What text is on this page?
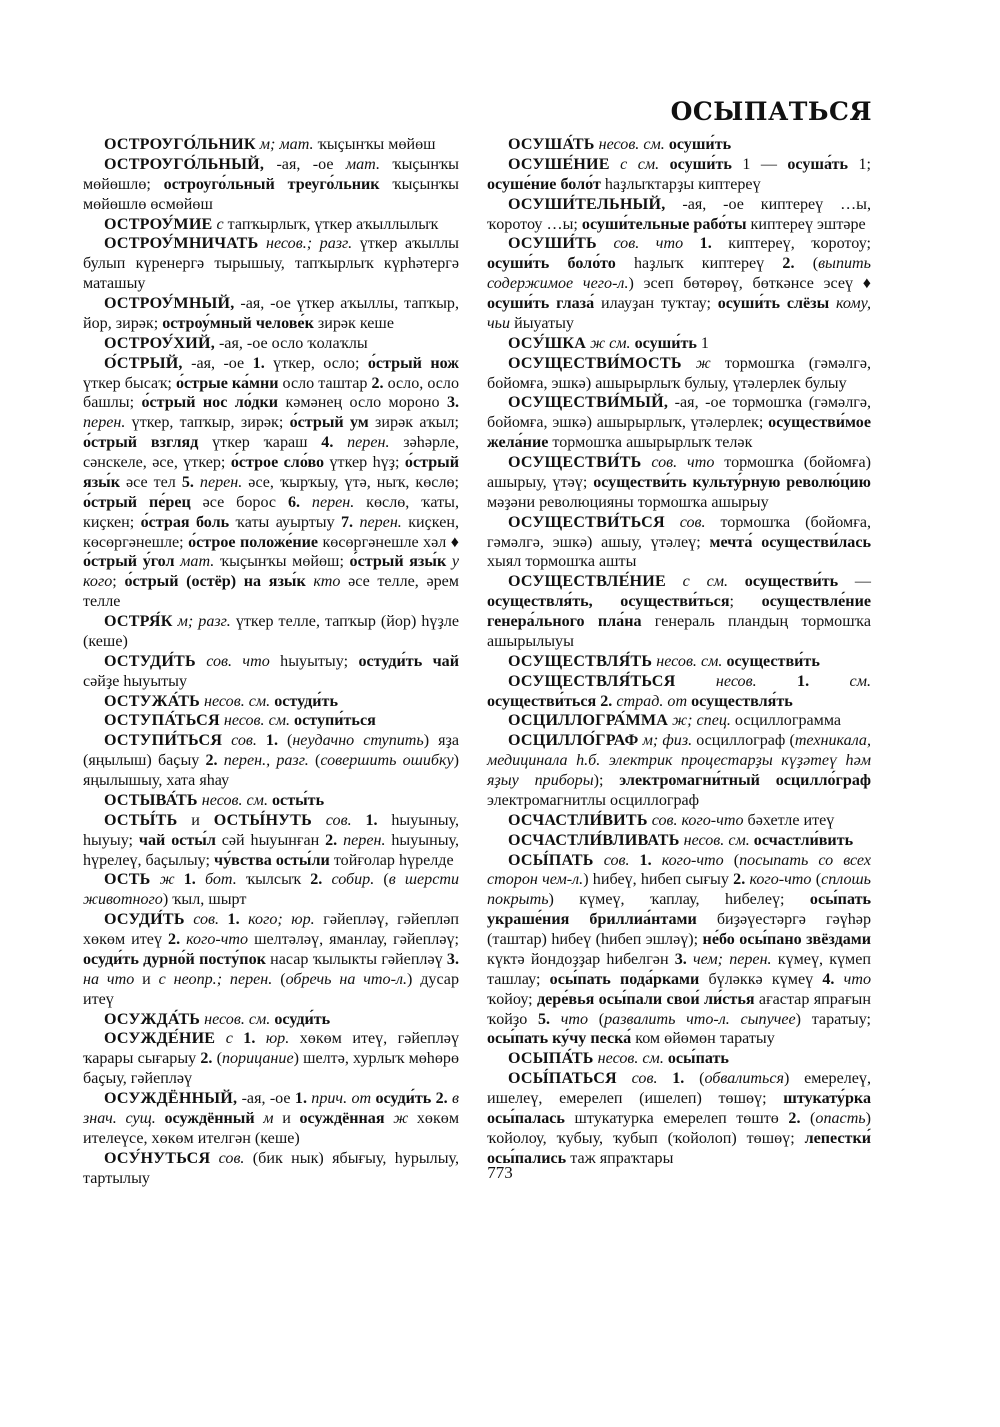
ОСЫПАТЬСЯ

ОСТРОУГО́ЛЬНИК м; мат. ҡыҫынҡы мөйөш

ОСТРОУГО́ЛЬНЫЙ, -ая, -ое мат. ҡыҫынҡы мөйөшлө; остроуго́льный треуго́льник ҡыҫынҡы мөйөшлө өсмөйөш

ОСТРОУ́МИЕ с тапҡырлыҡ, үткер аҡыллылыҡ

ОСТРОУ́МНИЧАТЬ несов.; разг. үткер аҡыллы булып күренергә тырышыу, тапҡырлыҡ күрһәтергә маташыу

ОСТРОУ́МНЫЙ, -ая, -ое үткер аҡыллы, тапҡыр, йор, зирәк; остроу́мный челове́к зирәк кеше

ОСТРОУ́ХИЙ, -ая, -ое осло ҡолаҡлы

О́СТРЫЙ, -ая, -ое 1. үткер, осло; о́стрый нож үткер бысаҡ; о́стрые ка́мни осло таштар 2. осло, осло башлы; о́стрый нос ло́дки кәмәнең осло мороно 3. перен. үткер, тапҡыр, зирәк; о́стрый ум зирәк аҡыл; о́стрый взгляд үткер ҡараш 4. перен. зәһәрле, сәнскеле, әсе, үткер; о́строе сло́во үткер һүҙ; о́стрый язы́к әсе тел 5. перен. әсе, ҡырҡыу, үтә, ныҡ, көслө; о́стрый пе́рец әсе борос 6. перен. көслө, ҡаты, киҫкен; о́страя боль ҡаты ауыртыу 7. перен. киҫкен, көсөргәнешле; о́строе положе́ние көсөргәнешле хәл ♦ о́стрый у́гол мат. ҡыҫынҡы мөйөш; о́стрый язы́к у кого; о́стрый (остёр) на язы́к кто әсе телле, әрем телле

ОСТРЯ́К м; разг. үткер телле, тапҡыр (йор) һүҙле (кеше)

ОСТУДИ́ТЬ сов. что һыуытыу; остуди́ть чай сәйҙе һыуытыу

ОСТУЖА́ТЬ несов. см. остуди́ть

ОСТУПА́ТЬСЯ несов. см. оступи́ться

ОСТУПИ́ТЬСЯ сов. 1. (неудачно ступить) яҙа (яңылыш) баҫыу 2. перен., разг. (совершить ошибку) яңылышыу, хата яһау

ОСТЫВА́ТЬ несов. см. осты́ть

ОСТЫ́ТЬ и ОСТЫ́НУТЬ сов. 1. һыуыныу, һыуыу; чай осты́л сәй һыуынған 2. перен. һыуыныу, һүрелеү, баҫылыу; чу́вства осты́ли тойғолар һүрелде

ОСТЬ ж 1. бот. ҡылсыҡ 2. собир. (в шерсти животного) ҡыл, шырт

ОСУДИ́ТЬ сов. 1. кого; юр. гәйепләү, гәйепләп хөкөм итеү 2. кого-что шелтәләү, яманлау, гәйепләү; осуди́ть дурно́й посту́пок насар ҡылыкты гәйепләү 3. на что и с неопр.; перен. (обречь на что-л.) дусар итеү

ОСУЖДА́ТЬ несов. см. осуди́ть

ОСУЖДЕ́НИЕ с 1. юр. хөкөм итеү, гәйепләү ҡарары сығарыу 2. (порицание) шелтә, хурлыҡ мөһөрө баҫыу, гәйепләү

ОСУЖДЁННЫЙ, -ая, -ое 1. прич. от осуди́ть 2. в знач. сущ. осуждённый м и осуждённая ж хөкөм ителеүсе, хөкөм ителгән (кеше)

ОСУ́НУТЬСЯ сов. (бик нык) ябығыу, һурылыу, тартылыу

ОСУША́ТЬ несов. см. осуши́ть

ОСУШЕ́НИЕ с см. осуши́ть 1 — осуша́ть 1; осуше́ние боло́т һаҙлыҡтарҙы киптереү

ОСУШИ́ТЕЛЬНЫЙ, -ая, -ое киптереү …ы, ҡоротоу …ы; осуши́тельные рабо́ты киптереү эштәре

ОСУШИ́ТЬ сов. что 1. киптереү, ҡоротоу; осуши́ть боло́то һаҙлыҡ киптереү 2. (выпить содержимое чего-л.) эсеп бөтөрөү, бөткәнсе эсеү ♦ осуши́ть глаза́ илауҙан туҡтау; осуши́ть слёзы кому, чьи йыуатыу

ОСУ́ШКА ж см. осуши́ть 1

ОСУЩЕСТВИ́МОСТЬ ж тормошҡа (гәмәлгә, бойомға, эшкә) ашырырлыҡ булыу, үтәлерлек булыу

ОСУЩЕСТВИ́МЫЙ, -ая, -ое тормошҡа (гәмәлгә, бойомға, эшкә) ашырырлыҡ, үтәлерлек; осуществи́мое жела́ние тормошҡа ашырырлыҡ теләк

ОСУЩЕСТВИ́ТЬ сов. что тормошҡа (бойомға) ашырыу, үтәү; осуществи́ть культу́рную револю́цию мәҙәни революцияны тормошҡа ашырыу

ОСУЩЕСТВИ́ТЬСЯ сов. тормошҡа (бойомға, гәмәлгә, эшкә) ашыу, үтәлеү; мечта́ осуществи́лась хыял тормошҡа ашты

ОСУЩЕСТВЛЕ́НИЕ с см. осуществи́ть — осуществля́ть, осуществи́ться; осуществле́ние генера́льного пла́на генераль пландың тормошҡа ашырылыуы

ОСУЩЕСТВЛЯ́ТЬ несов. см. осуществи́ть

ОСУЩЕСТВЛЯ́ТЬСЯ несов. 1. см. осуществи́ться 2. страд. от осуществля́ть

ОСЦИЛЛОГРА́ММА ж; спец. осциллограмма

ОСЦИЛЛО́ГРАФ м; физ. осциллограф (техникала, медицинала һ.б. электрик процестарҙы күҙәтеү һәм яҙыу приборы); электромагни́тный осцилло́граф электромагнитлы осциллограф

ОСЧАСТЛИ́ВИТЬ сов. кого-что бәхетле итеү

ОСЧАСТЛИ́ВЛИВАТЬ несов. см. осчастли́вить

ОСЫ́ПАТЬ сов. 1. кого-что (посыпать со всех сторон чем-л.) һибеү, һибеп сығыу 2. кого-что (сплошь покрыть) күмеү, ҡаплау, һибелеү; осы́пать украше́ния бриллиа́нтами биҙәүестәргә гәүһәр (таштар) һибеү (һибеп эшләү); не́бо осы́пано звёздами күктә йондоҙҙар һибелгән 3. чем; перен. күмеү, күмеп ташлау; осы́пать пода́рками бүләккә күмеү 4. что ҡойоу; дере́вья осы́пали свои́ ли́стья ағастар япрағын ҡойҙо 5. что (развалить что-л. сыпучее) таратыу; осы́пать ку́чу песка́ ком өйөмөн таратыу

ОСЫПА́ТЬ несов. см. осы́пать

ОСЫ́ПАТЬСЯ сов. 1. (обвалиться) емерелеү, ишелеү, емерелеп (ишелеп) төшөү; штукату́рка осы́палась штукатурка емерелеп төштө 2. (опасть) ҡойолоу, ҡубыу, ҡубып (ҡойолоп) төшөү; лепестки́ осы́пались таж япраҡтары

773
